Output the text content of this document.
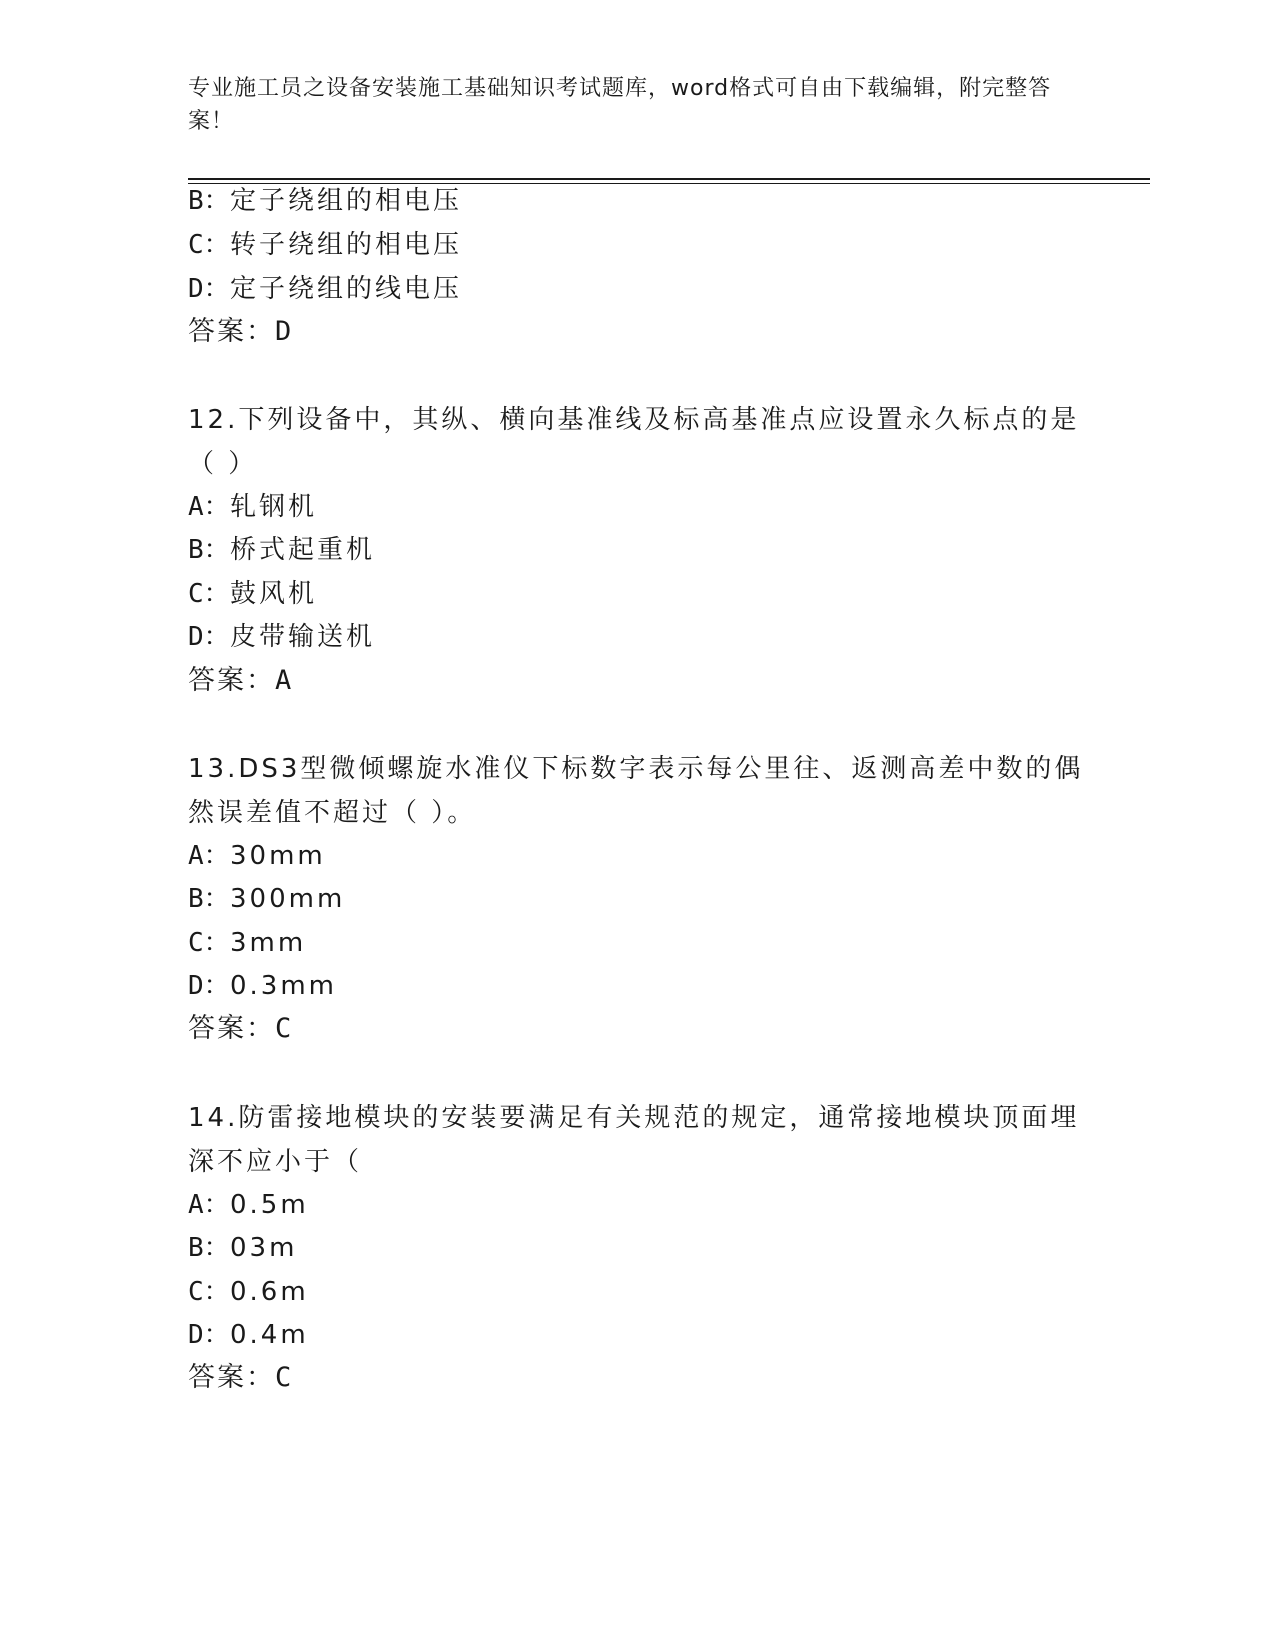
专业施工员之设备安装施工基础知识考试题库，word格式可自由下载编辑，附完整答案！
B：定子绕组的相电压
C：转子绕组的相电压
D：定子绕组的线电压
答案：D
12.下列设备中，其纵、横向基准线及标高基准点应设置永久标点的是（ ）
A：轧钢机
B：桥式起重机
C：鼓风机
D：皮带输送机
答案：A
13.DS3型微倾螺旋水准仪下标数字表示每公里往、返测高差中数的偶然误差值不超过（ ）。
A：30mm
B：300mm
C：3mm
D：0.3mm
答案：C
14.防雷接地模块的安装要满足有关规范的规定，通常接地模块顶面埋深不应小于（
A：0.5m
B：03m
C：0.6m
D：0.4m
答案：C
